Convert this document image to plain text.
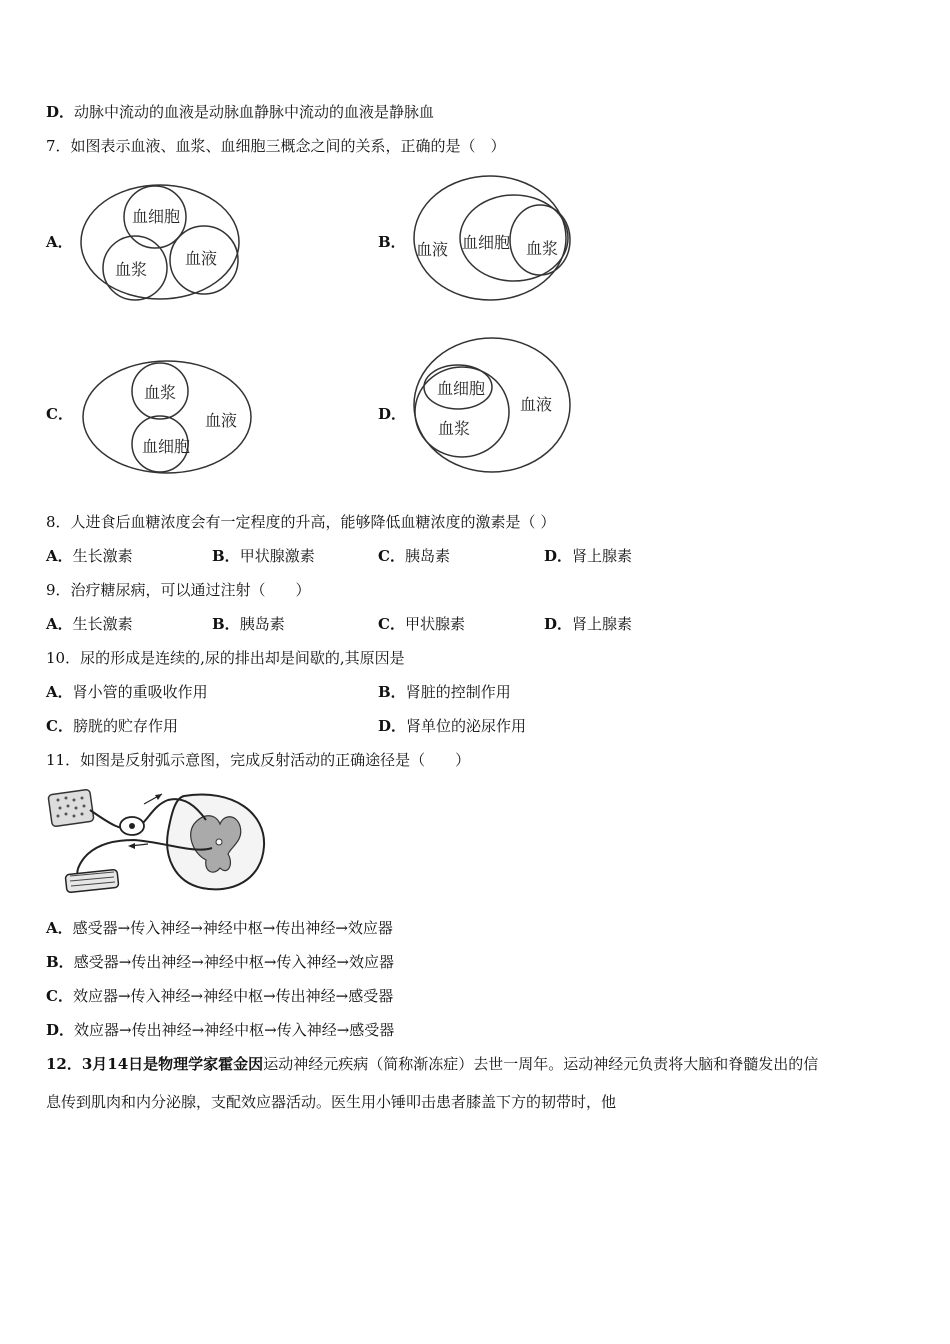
D．动脉中流动的血液是动脉血静脉中流动的血液是静脉血
7．如图表示血液、血浆、血细胞三概念之间的关系，正确的是（　）
A．
血细胞
血浆
血液
B． 血液 血细胞 血浆
C．
血浆
血液
血细胞
D．
血细胞
血液
血浆
8．人进食后血糖浓度会有一定程度的升高，能够降低血糖浓度的激素是（ ）
A．生长激素	B．甲状腺激素	C．胰岛素	D．肾上腺素
9．治疗糖尿病，可以通过注射（　　）
A．生长激素	B．胰岛素	C．甲状腺素	D．肾上腺素
10．尿的形成是连续的,尿的排出却是间歇的,其原因是
A．肾小管的重吸收作用	B．肾脏的控制作用
C．膀胱的贮存作用	D．肾单位的泌尿作用
11．如图是反射弧示意图，完成反射活动的正确途径是（　　）
A．感受器→传入神经→神经中枢→传出神经→效应器
B．感受器→传出神经→神经中枢→传入神经→效应器
C．效应器→传入神经→神经中枢→传出神经→感受器
D．效应器→传出神经→神经中枢→传入神经→感受器
12．3月14日是物理学家霍金因运动神经元疾病（简称渐冻症）去世一周年。运动神经元负责将大脑和脊髓发出的信
息传到肌肉和内分泌腺，支配效应器活动。医生用小锤叩击患者膝盖下方的韧带时，他
